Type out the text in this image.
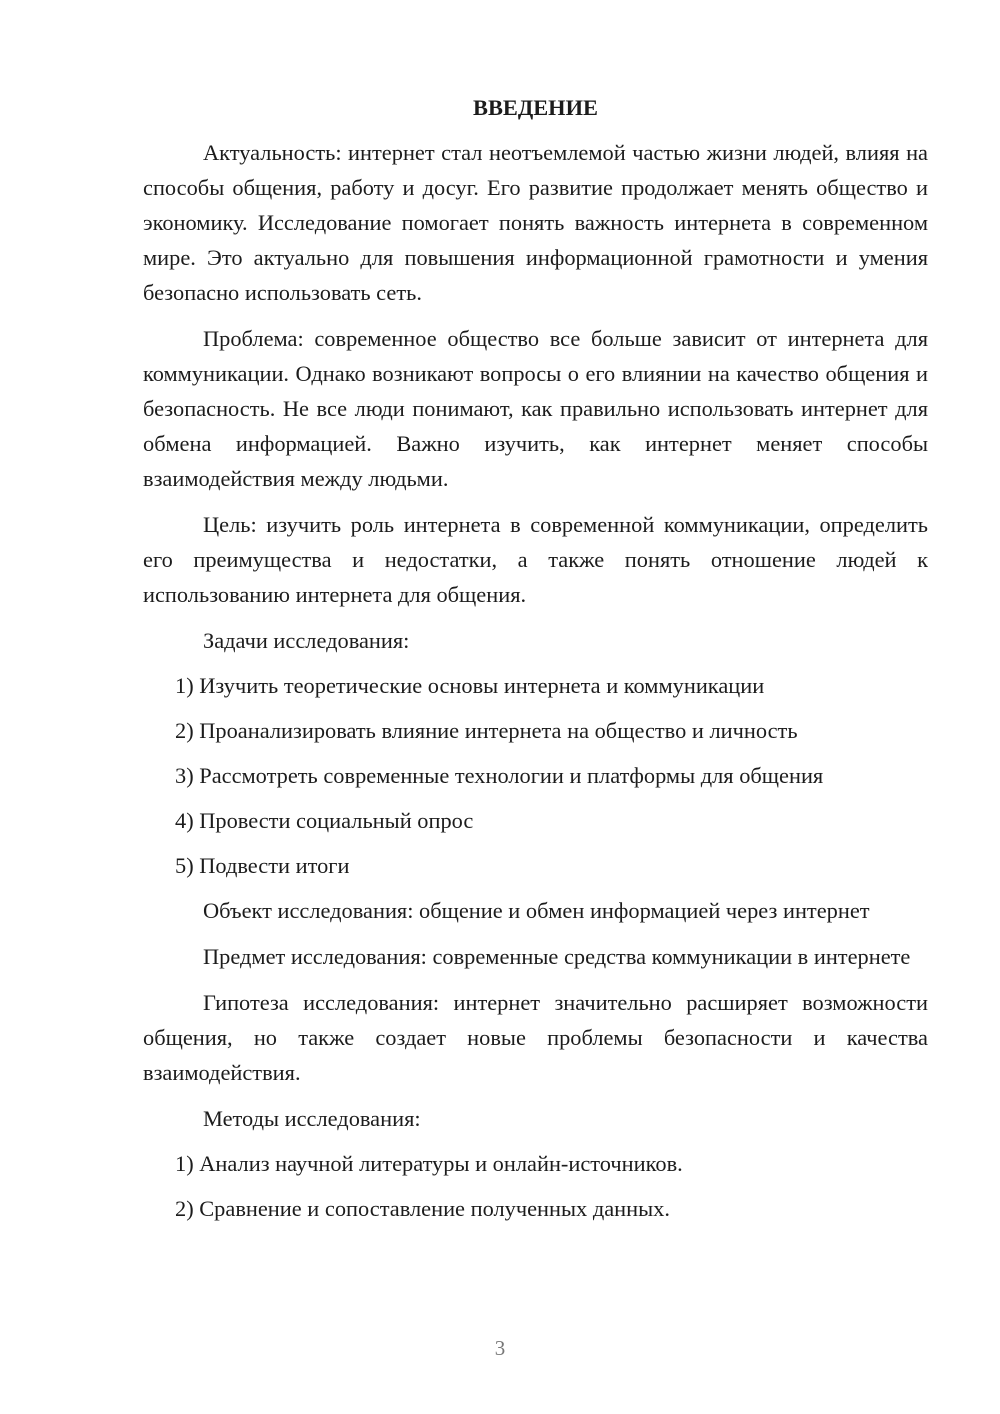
ВВЕДЕНИЕ

Актуальность: интернет стал неотъемлемой частью жизни людей, влияя на способы общения, работу и досуг. Его развитие продолжает менять общество и экономику. Исследование помогает понять важность интернета в современном мире. Это актуально для повышения информационной грамотности и умения безопасно использовать сеть.

Проблема: современное общество все больше зависит от интернета для коммуникации. Однако возникают вопросы о его влиянии на качество общения и безопасность. Не все люди понимают, как правильно использовать интернет для обмена информацией. Важно изучить, как интернет меняет способы взаимодействия между людьми.

Цель: изучить роль интернета в современной коммуникации, определить его преимущества и недостатки, а также понять отношение людей к использованию интернета для общения.

Задачи исследования:
1) Изучить теоретические основы интернета и коммуникации
2) Проанализировать влияние интернета на общество и личность
3) Рассмотреть современные технологии и платформы для общения
4) Провести социальный опрос
5) Подвести итоги

Объект исследования: общение и обмен информацией через интернет

Предмет исследования: современные средства коммуникации в интернете

Гипотеза исследования: интернет значительно расширяет возможности общения, но также создает новые проблемы безопасности и качества взаимодействия.

Методы исследования:
1) Анализ научной литературы и онлайн-источников.
2) Сравнение и сопоставление полученных данных.
3
